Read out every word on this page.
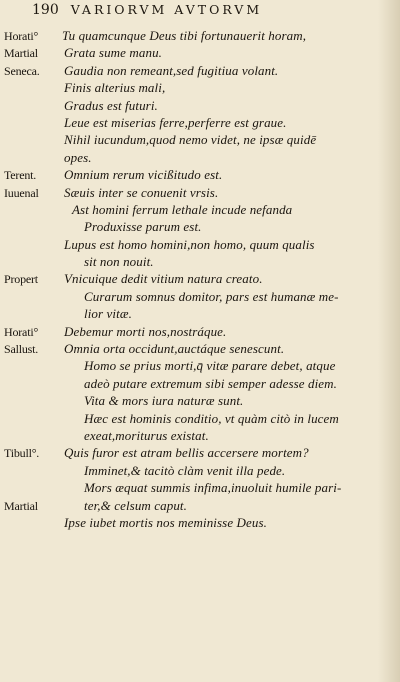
190 VARIORVM AVTORVM
Horati° Tu quamcunque Deus tibi fortunauerit horam,
Martial Grata sume manu.
Seneca. Gaudia non remeant,sed fugitiua volant.
Finis alterius mali,
Gradus est futuri.
Leue est miserias ferre,perferre est graue.
Nihil iucundum,quod nemo videt, ne ipsæ quidē
opes.
Terent. Omnium rerum vicißitudo est.
Iuuenal Sæuis inter se conuenit vrsis.
Ast homini ferrum lethale incude nefanda
Produxisse parum est.
Lupus est homo homini,non homo, quum qualis
sit non nouit.
Propert Vnicuique dedit vitium natura creato.
Curarum somnus domitor, pars est humanæ me-
lior vitæ.
Horati° Debemur morti nos,nostráque.
Sallust. Omnia orta occidunt,auctáque senescunt.
Homo se prius morti,q̄ vitæ parare debet, atque
adeò putare extremum sibi semper adesse diem.
Vita & mors iura naturæ sunt.
Hæc est hominis conditio, vt quàm citò in lucem
exeat,moriturus existat.
Tibull°. Quis furor est atram bellis accersere mortem?
Imminet,& tacitò clàm venit illa pede.
Mors æquat summis infima,inuoluit humile pari-
Martial	ter,& celsum caput.
Ipse iubet mortis nos meminisse Deus.
